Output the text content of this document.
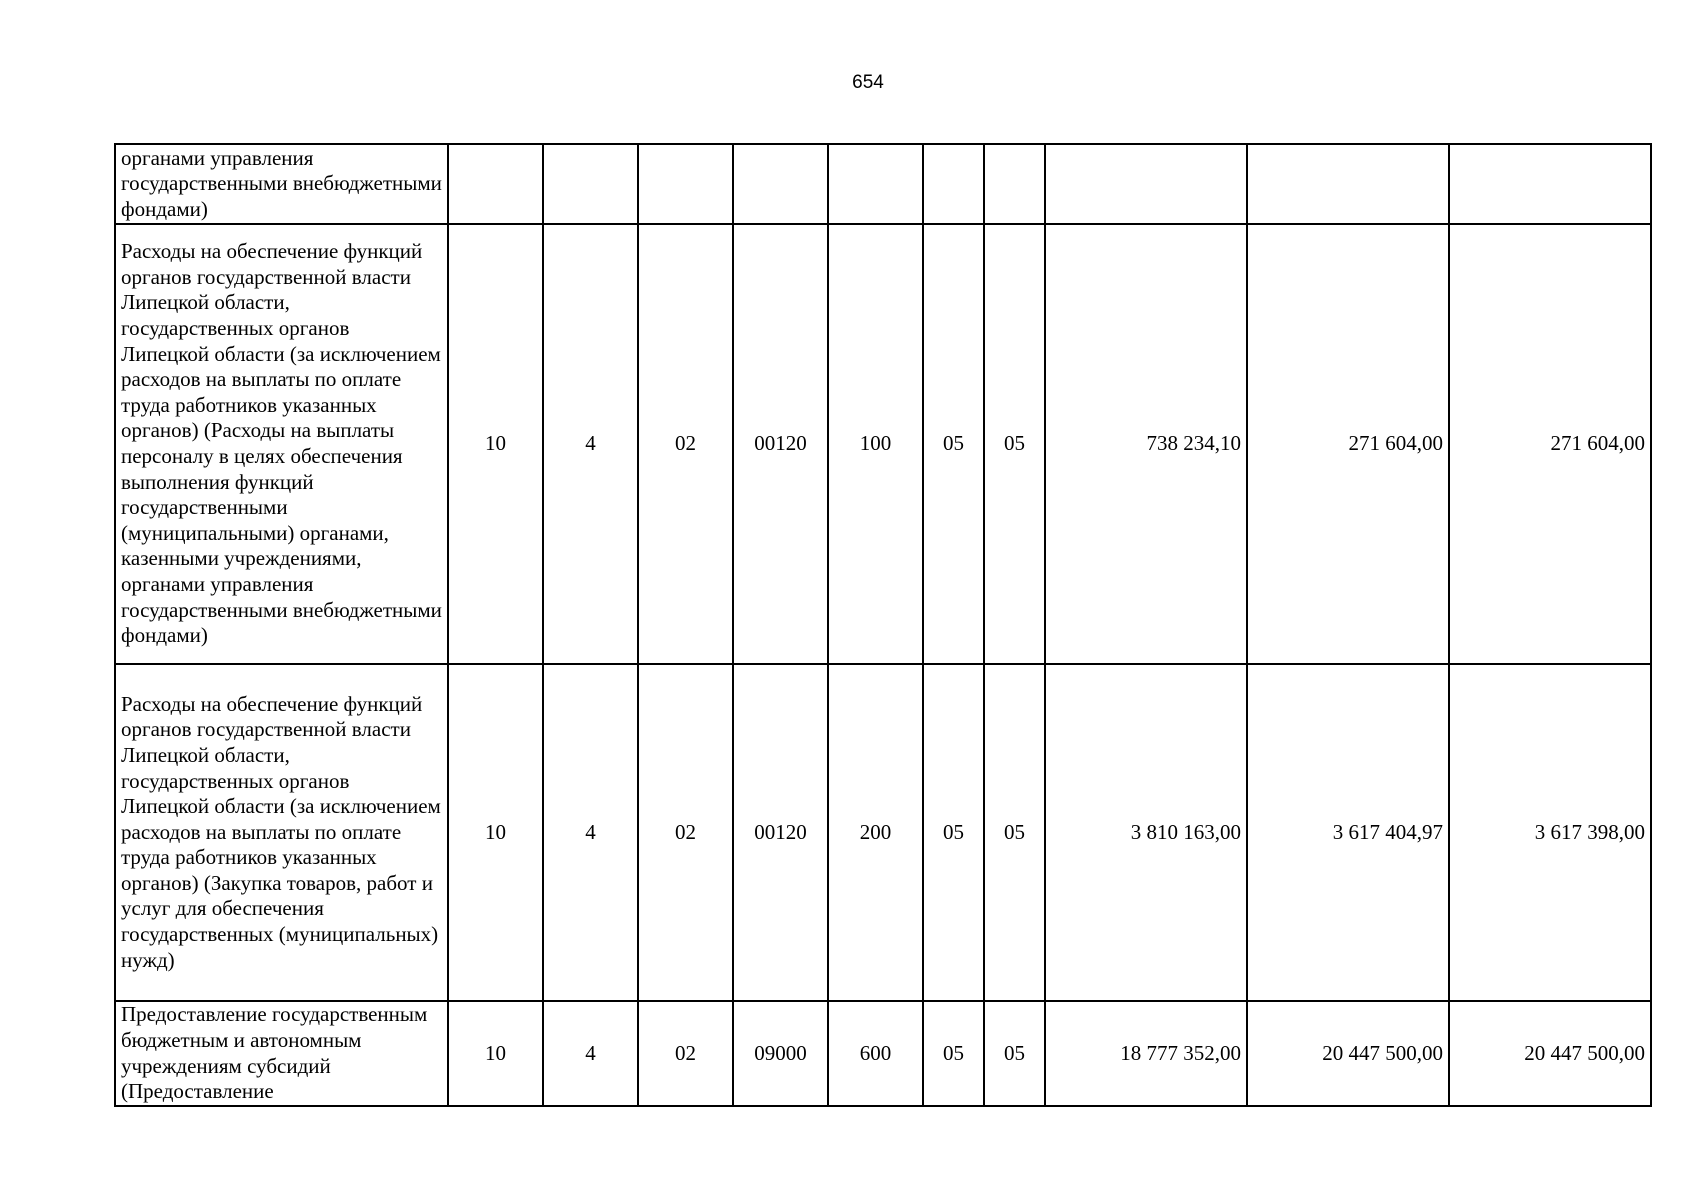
654
органами управления государственными внебюджетными фондами)										

Расходы на обеспечение функций органов государственной власти Липецкой области, государственных органов Липецкой области (за исключением расходов на выплаты по оплате труда работников указанных органов) (Расходы на выплаты персоналу в целях обеспечения выполнения функций государственными (муниципальными) органами, казенными учреждениями, органами управления государственными внебюджетными фондами)	10	4	02	00120	100	05	05	738 234,10	271 604,00	271 604,00

Расходы на обеспечение функций органов государственной власти Липецкой области, государственных органов Липецкой области (за исключением расходов на выплаты по оплате труда работников указанных органов) (Закупка товаров, работ и услуг для обеспечения государственных (муниципальных) нужд)	10	4	02	00120	200	05	05	3 810 163,00	3 617 404,97	3 617 398,00

Предоставление государственным бюджетным и автономным учреждениям субсидий (Предоставление	10	4	02	09000	600	05	05	18 777 352,00	20 447 500,00	20 447 500,00
